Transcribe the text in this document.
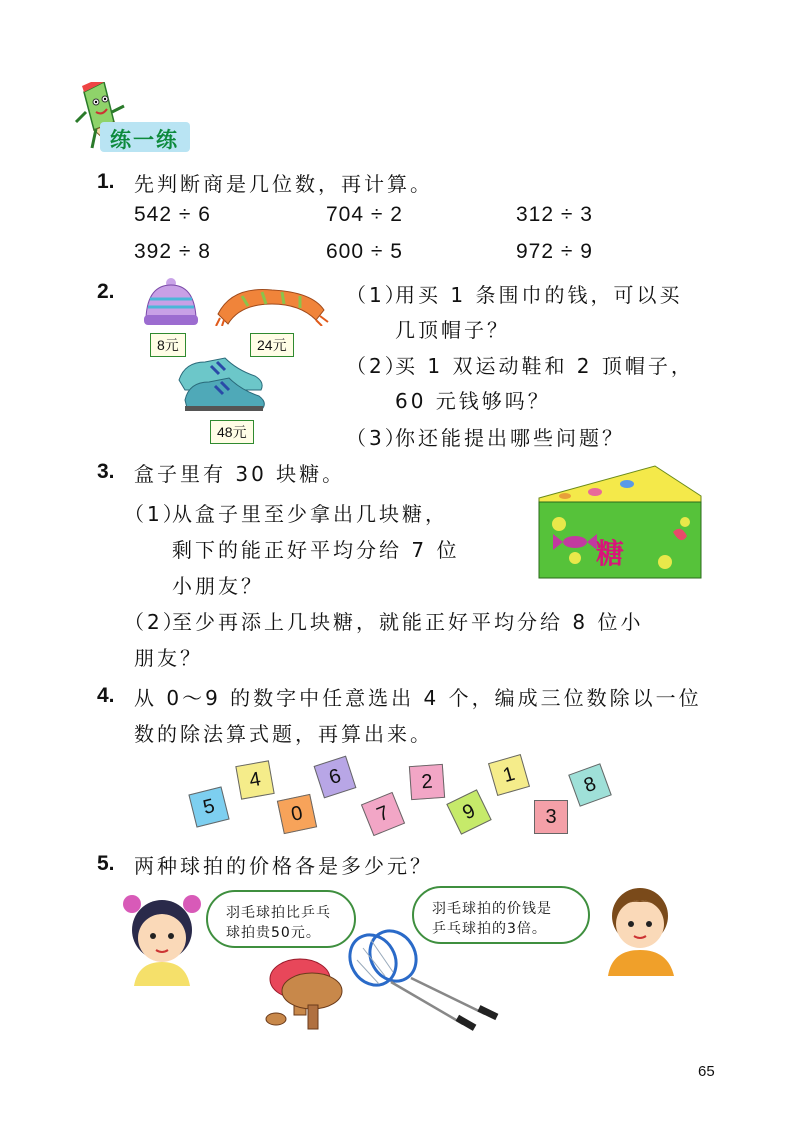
练一练
1. 先判断商是几位数，再计算。
542 ÷ 6	704 ÷ 2	312 ÷ 3
392 ÷ 8	600 ÷ 5	972 ÷ 9
2.
8元	24元
48元
（1）
用买 1 条围巾的钱，可以买
几顶帽子？
（2）
买 1 双运动鞋和 2 顶帽子，
60 元钱够吗？
（3）
你还能提出哪些问题？
3. 盒子里有 30 块糖。
（1）
从盒子里至少拿出几块糖，
剩下的能正好平均分给 7 位
小朋友？
（2）
至少再添上几块糖，就能正好平均分给 8 位小
朋友？
糖
4. 从 0～9 的数字中任意选出 4 个，编成三位数除以一位
数的除法算式题，再算出来。
5
4
0
6
7
2
9
1
3
8
5. 两种球拍的价格各是多少元？
羽毛球拍比乒乓
球拍贵50元。
羽毛球拍的价钱是
乒乓球拍的3倍。
65
